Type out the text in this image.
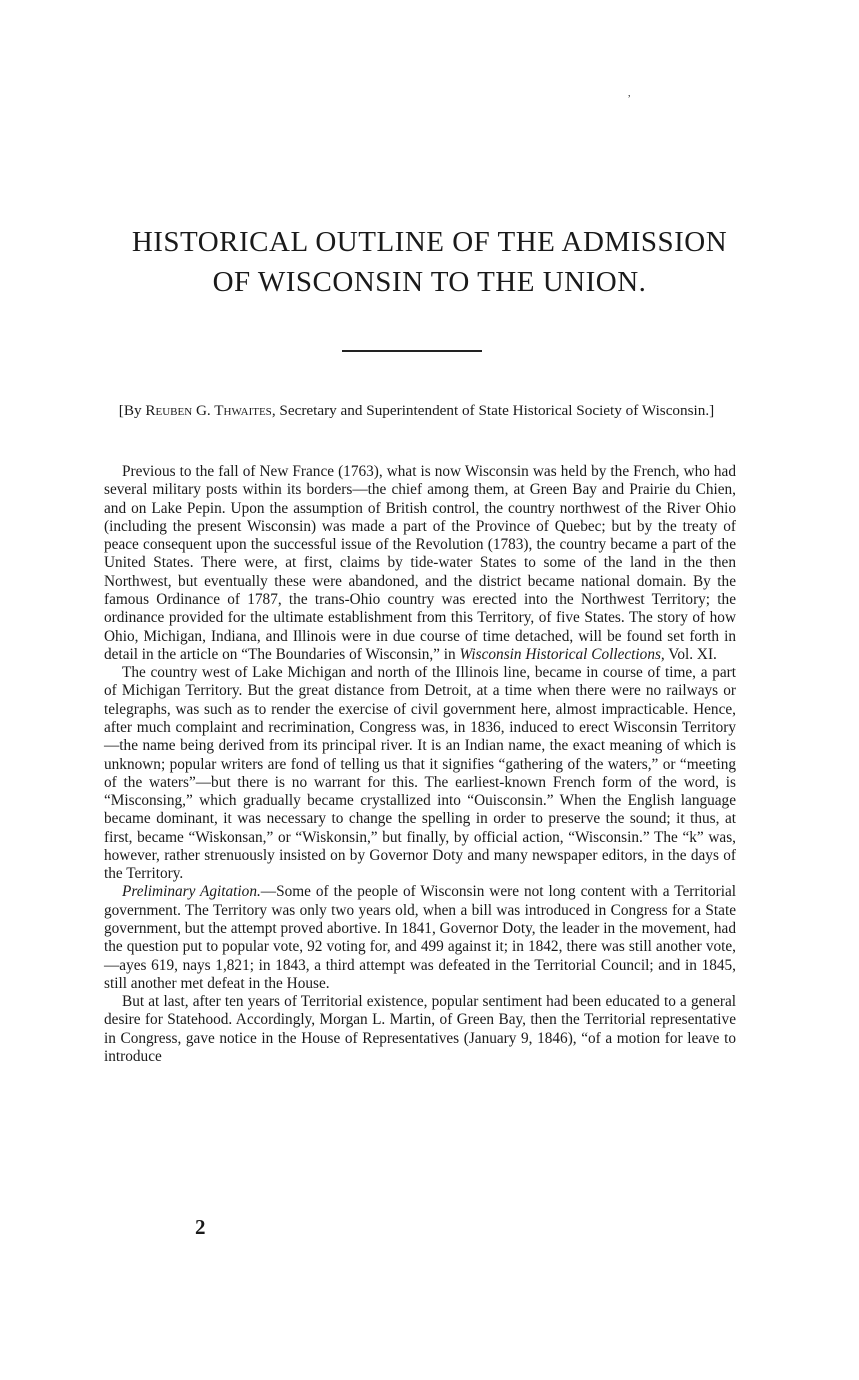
,
HISTORICAL OUTLINE OF THE ADMISSION
OF WISCONSIN TO THE UNION.

[By Reuben G. Thwaites, Secretary and Superintendent of State Historical Society of Wisconsin.]

Previous to the fall of New France (1763), what is now Wisconsin was held by the French, who had several military posts within its borders—the chief among them, at Green Bay and Prairie du Chien, and on Lake Pepin. Upon the assumption of British control, the country northwest of the River Ohio (including the present Wisconsin) was made a part of the Province of Quebec; but by the treaty of peace consequent upon the successful issue of the Revolution (1783), the country became a part of the United States. There were, at first, claims by tide-water States to some of the land in the then Northwest, but eventually these were abandoned, and the district became national domain. By the famous Ordinance of 1787, the trans-Ohio country was erected into the Northwest Territory; the ordinance provided for the ultimate establishment from this Territory, of five States. The story of how Ohio, Michigan, Indiana, and Illinois were in due course of time detached, will be found set forth in detail in the article on “The Boundaries of Wisconsin,” in Wisconsin Historical Collections, Vol. XI.

The country west of Lake Michigan and north of the Illinois line, became in course of time, a part of Michigan Territory. But the great distance from Detroit, at a time when there were no railways or telegraphs, was such as to render the exercise of civil government here, almost impracticable. Hence, after much complaint and recrimination, Congress was, in 1836, induced to erect Wisconsin Territory—the name being derived from its principal river. It is an Indian name, the exact meaning of which is unknown; popular writers are fond of telling us that it signifies “gathering of the waters,” or “meeting of the waters”—but there is no warrant for this. The earliest-known French form of the word, is “Misconsing,” which gradually became crystallized into “Ouisconsin.” When the English language became dominant, it was necessary to change the spelling in order to preserve the sound; it thus, at first, became “Wiskonsan,” or “Wiskonsin,” but finally, by official action, “Wisconsin.” The “k” was, however, rather strenuously insisted on by Governor Doty and many newspaper editors, in the days of the Territory.

Preliminary Agitation.—Some of the people of Wisconsin were not long content with a Territorial government. The Territory was only two years old, when a bill was introduced in Congress for a State government, but the attempt proved abortive. In 1841, Governor Doty, the leader in the movement, had the question put to popular vote, 92 voting for, and 499 against it; in 1842, there was still another vote,—ayes 619, nays 1,821; in 1843, a third attempt was defeated in the Territorial Council; and in 1845, still another met defeat in the House.

But at last, after ten years of Territorial existence, popular sentiment had been educated to a general desire for Statehood. Accordingly, Morgan L. Martin, of Green Bay, then the Territorial representative in Congress, gave notice in the House of Representatives (January 9, 1846), “of a motion for leave to introduce

2
